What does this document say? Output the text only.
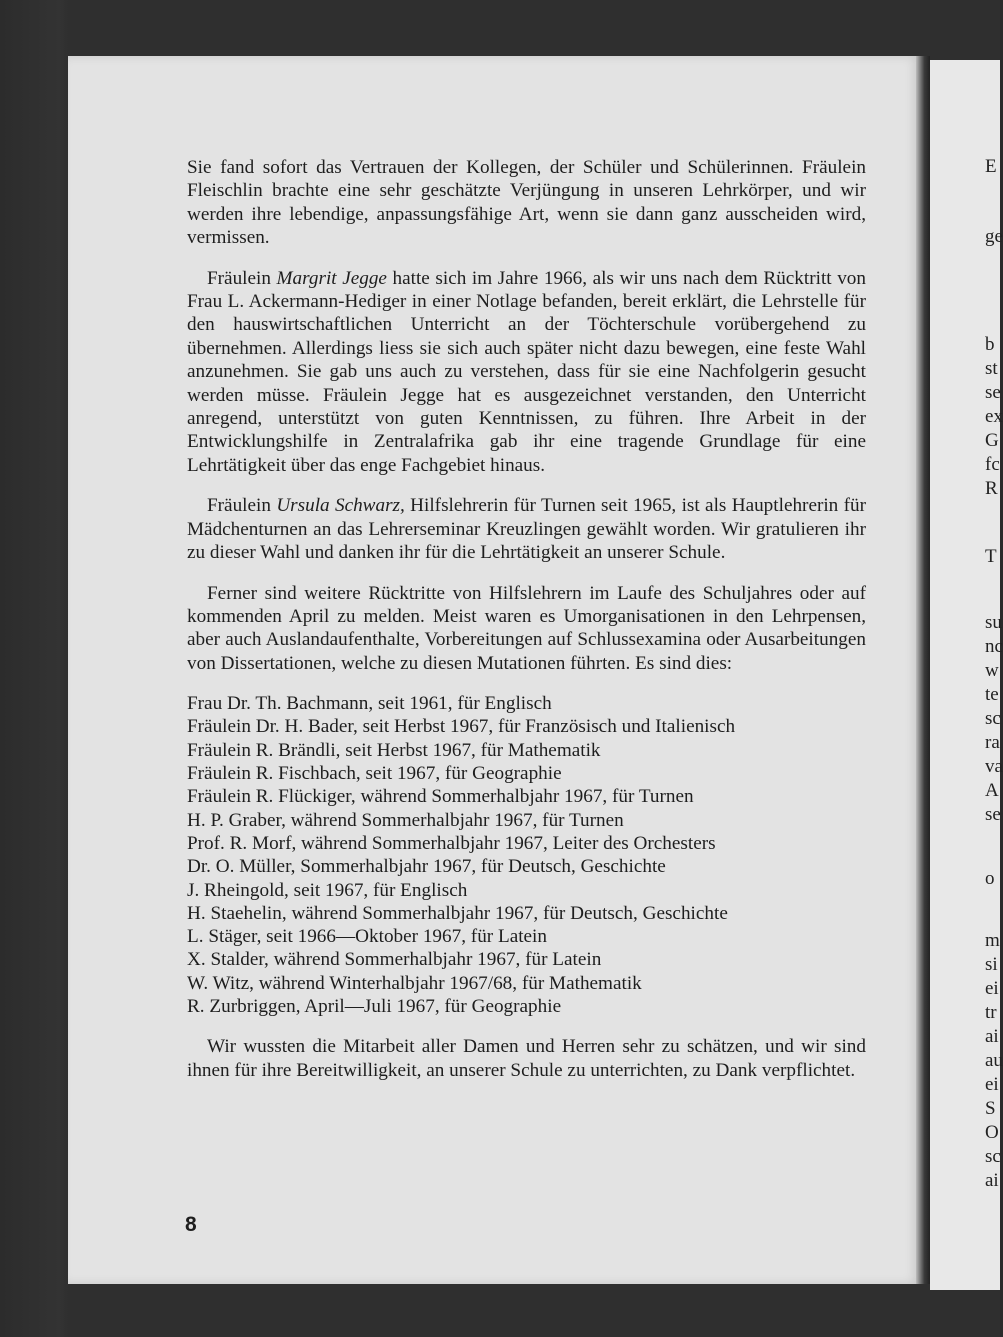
E
ge
b
st
se
ex
G
fc
R
T
su
nc
w
te
sc
ra
va
A
se
o
m
si
ei
tr
ai
au
ei
S
O
sc
ai

Sie fand sofort das Vertrauen der Kollegen, der Schüler und Schülerinnen. Fräulein Fleischlin brachte eine sehr geschätzte Verjüngung in unseren Lehrkörper, und wir werden ihre lebendige, anpassungsfähige Art, wenn sie dann ganz ausscheiden wird, vermissen.

Fräulein Margrit Jegge hatte sich im Jahre 1966, als wir uns nach dem Rücktritt von Frau L. Ackermann-Hediger in einer Notlage befanden, bereit erklärt, die Lehrstelle für den hauswirtschaftlichen Unterricht an der Töchterschule vorübergehend zu übernehmen. Allerdings liess sie sich auch später nicht dazu bewegen, eine feste Wahl anzunehmen. Sie gab uns auch zu verstehen, dass für sie eine Nachfolgerin gesucht werden müsse. Fräulein Jegge hat es ausgezeichnet verstanden, den Unterricht anregend, unterstützt von guten Kenntnissen, zu führen. Ihre Arbeit in der Entwicklungshilfe in Zentralafrika gab ihr eine tragende Grundlage für eine Lehrtätigkeit über das enge Fachgebiet hinaus.

Fräulein Ursula Schwarz, Hilfslehrerin für Turnen seit 1965, ist als Hauptlehrerin für Mädchenturnen an das Lehrerseminar Kreuzlingen gewählt worden. Wir gratulieren ihr zu dieser Wahl und danken ihr für die Lehrtätigkeit an unserer Schule.

Ferner sind weitere Rücktritte von Hilfslehrern im Laufe des Schuljahres oder auf kommenden April zu melden. Meist waren es Umorganisationen in den Lehrpensen, aber auch Auslandaufenthalte, Vorbereitungen auf Schlussexamina oder Ausarbeitungen von Dissertationen, welche zu diesen Mutationen führten. Es sind dies:

Frau Dr. Th. Bachmann, seit 1961, für Englisch
Fräulein Dr. H. Bader, seit Herbst 1967, für Französisch und Italienisch
Fräulein R. Brändli, seit Herbst 1967, für Mathematik
Fräulein R. Fischbach, seit 1967, für Geographie
Fräulein R. Flückiger, während Sommerhalbjahr 1967, für Turnen
H. P. Graber, während Sommerhalbjahr 1967, für Turnen
Prof. R. Morf, während Sommerhalbjahr 1967, Leiter des Orchesters
Dr. O. Müller, Sommerhalbjahr 1967, für Deutsch, Geschichte
J. Rheingold, seit 1967, für Englisch
H. Staehelin, während Sommerhalbjahr 1967, für Deutsch, Geschichte
L. Stäger, seit 1966—Oktober 1967, für Latein
X. Stalder, während Sommerhalbjahr 1967, für Latein
W. Witz, während Winterhalbjahr 1967/68, für Mathematik
R. Zurbriggen, April—Juli 1967, für Geographie

Wir wussten die Mitarbeit aller Damen und Herren sehr zu schätzen, und wir sind ihnen für ihre Bereitwilligkeit, an unserer Schule zu unterrichten, zu Dank verpflichtet.

8
